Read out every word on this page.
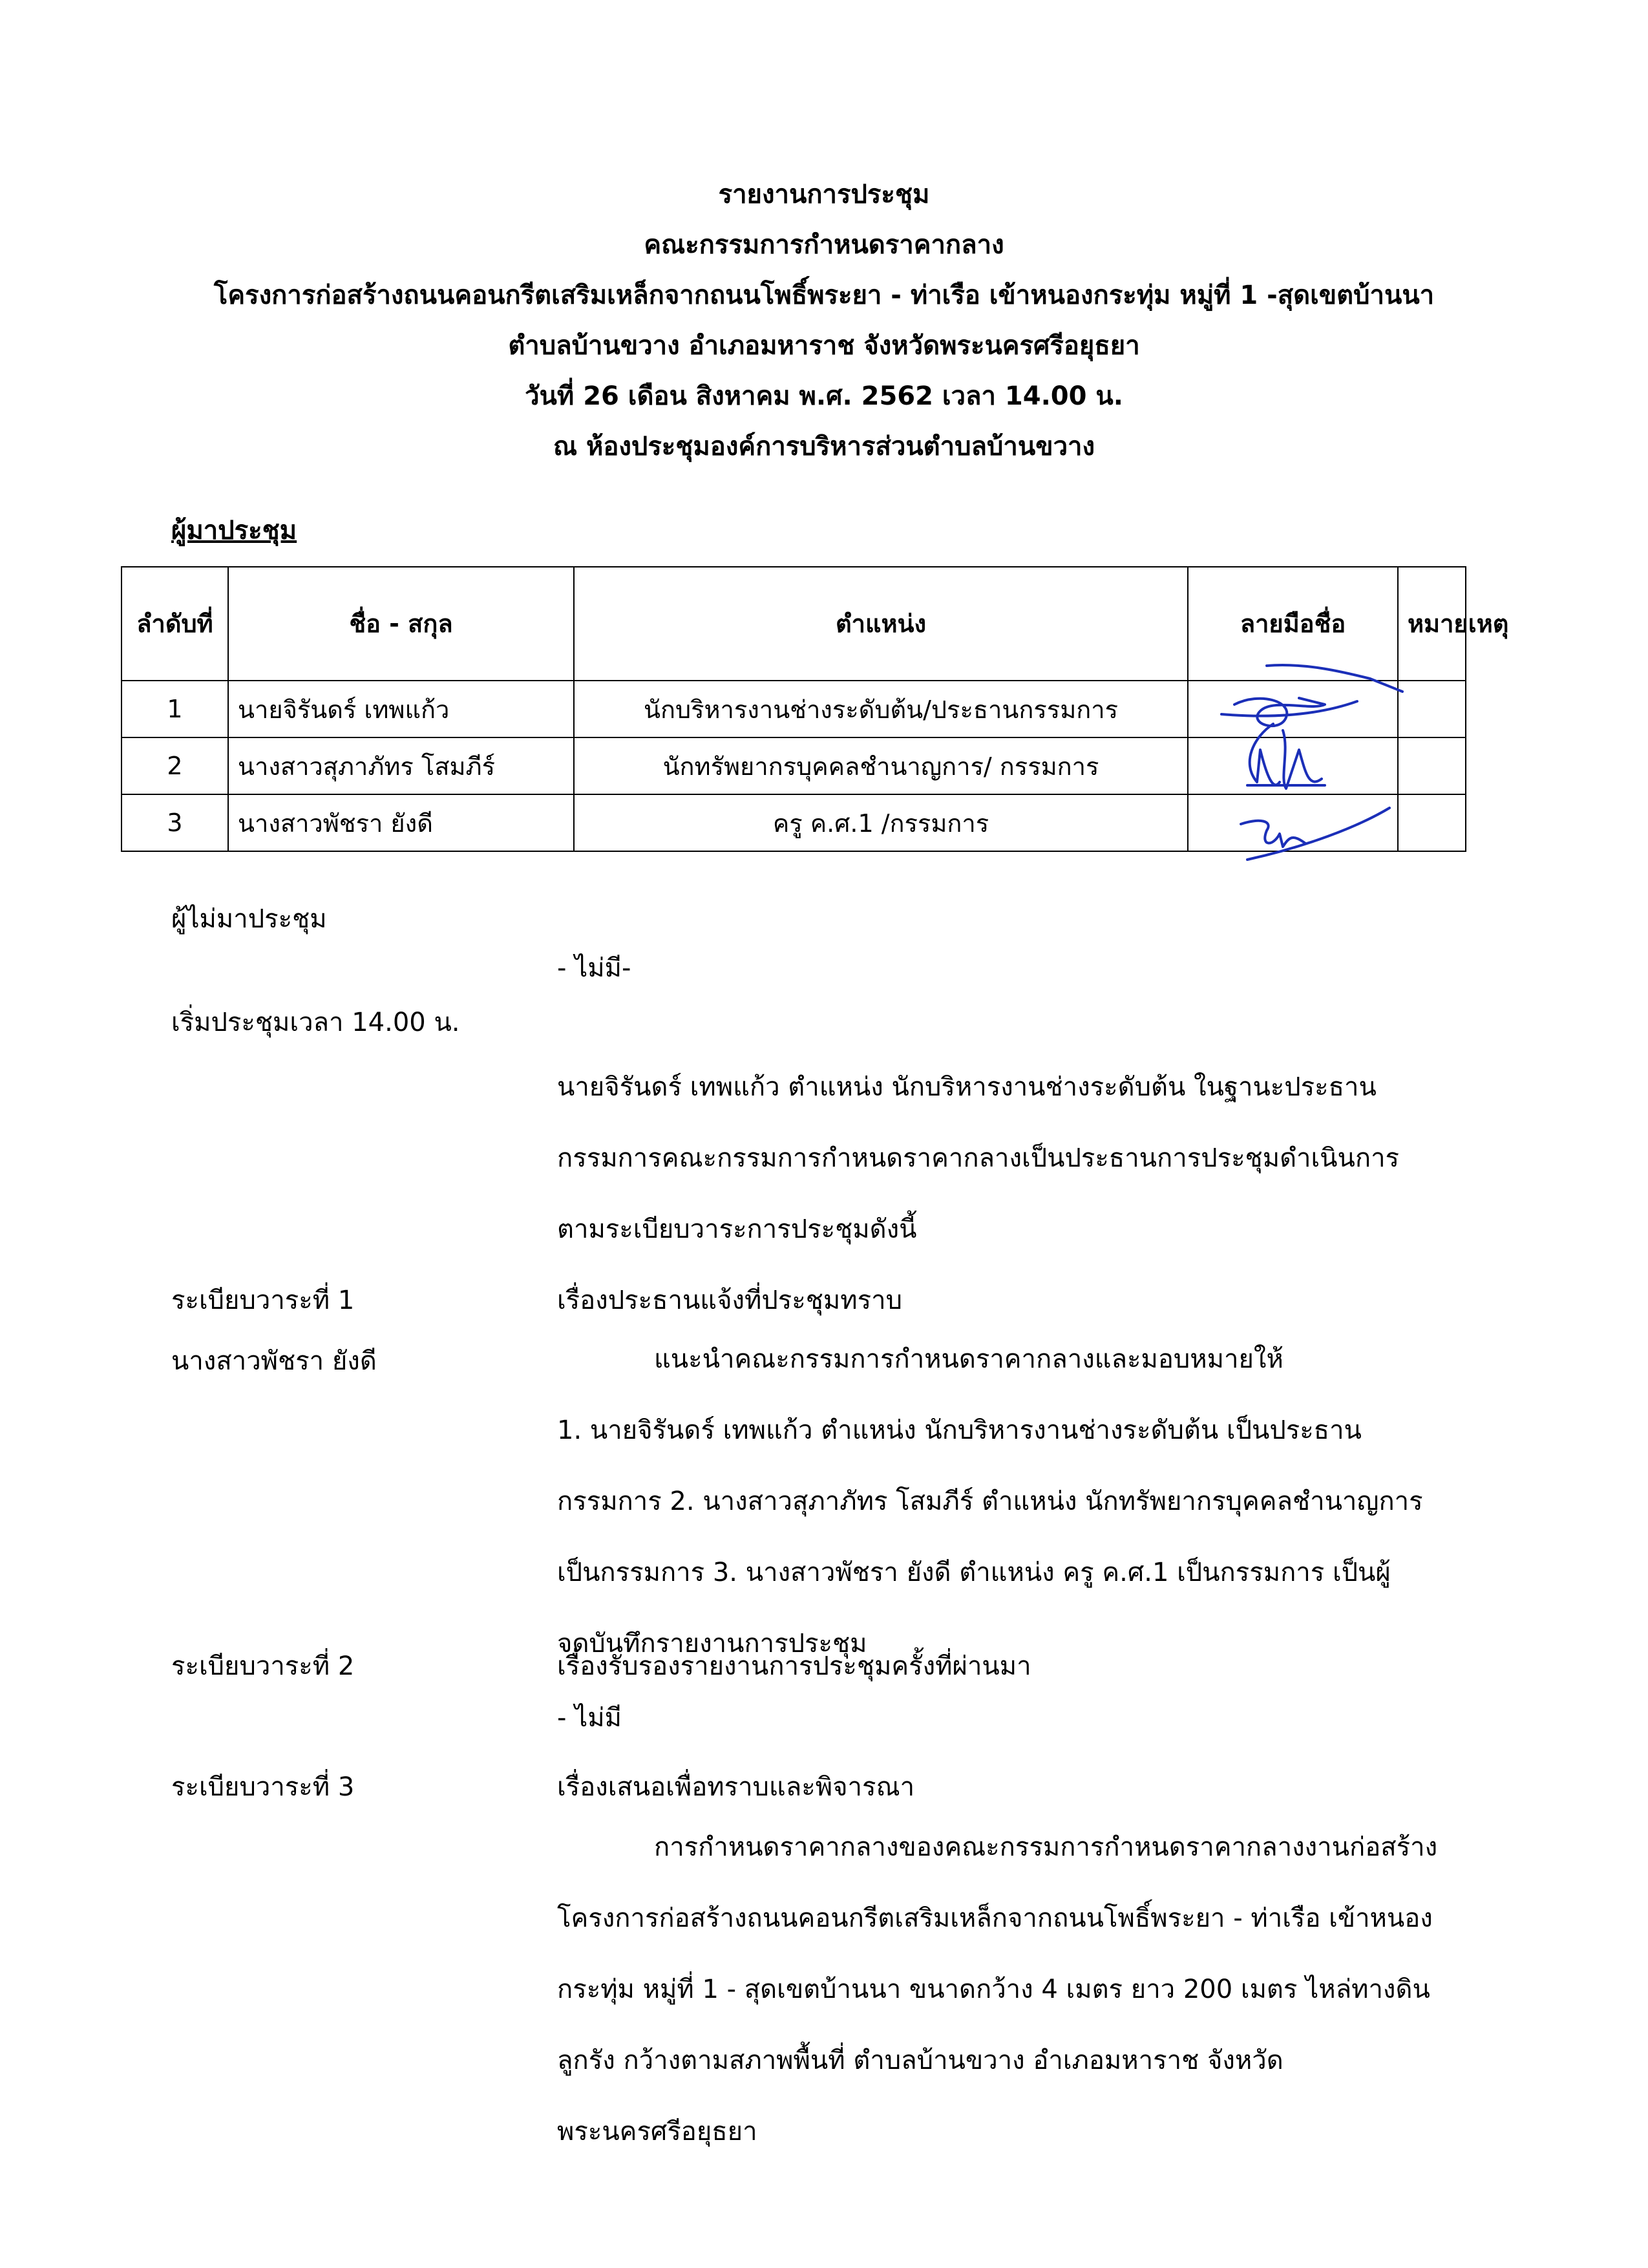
รายงานการประชุม
คณะกรรมการกำหนดราคากลาง
โครงการก่อสร้างถนนคอนกรีตเสริมเหล็กจากถนนโพธิ์พระยา - ท่าเรือ เข้าหนองกระทุ่ม หมู่ที่ 1 -สุดเขตบ้านนา
ตำบลบ้านขวาง อำเภอมหาราช จังหวัดพระนครศรีอยุธยา
วันที่ 26 เดือน สิงหาคม พ.ศ. 2562 เวลา 14.00 น.
ณ ห้องประชุมองค์การบริหารส่วนตำบลบ้านขวาง
ผู้มาประชุม
ลำดับที่	ชื่อ - สกุล	ตำแหน่ง	ลายมือชื่อ	หมายเหตุ
1	นายจิรันดร์ เทพแก้ว	นักบริหารงานช่างระดับต้น/ประธานกรรมการ		
2	นางสาวสุภาภัทร โสมภีร์	นักทรัพยากรบุคคลชำนาญการ/ กรรมการ		
3	นางสาวพัชรา ยังดี	ครู ค.ศ.1 /กรรมการ		
ผู้ไม่มาประชุม
- ไม่มี-
เริ่มประชุมเวลา 14.00 น.
นายจิรันดร์ เทพแก้ว ตำแหน่ง นักบริหารงานช่างระดับต้น ในฐานะประธาน
กรรมการคณะกรรมการกำหนดราคากลางเป็นประธานการประชุมดำเนินการ
ตามระเบียบวาระการประชุมดังนี้
ระเบียบวาระที่ 1
นางสาวพัชรา ยังดี
เรื่องประธานแจ้งที่ประชุมทราบ
แนะนำคณะกรรมการกำหนดราคากลางและมอบหมายให้
1. นายจิรันดร์ เทพแก้ว ตำแหน่ง นักบริหารงานช่างระดับต้น เป็นประธาน
กรรมการ 2. นางสาวสุภาภัทร โสมภีร์ ตำแหน่ง นักทรัพยากรบุคคลชำนาญการ
เป็นกรรมการ 3. นางสาวพัชรา ยังดี ตำแหน่ง ครู ค.ศ.1 เป็นกรรมการ เป็นผู้
จดบันทึกรายงานการประชุม
ระเบียบวาระที่ 2	เรื่องรับรองรายงานการประชุมครั้งที่ผ่านมา
- ไม่มี
ระเบียบวาระที่ 3	เรื่องเสนอเพื่อทราบและพิจารณา
การกำหนดราคากลางของคณะกรรมการกำหนดราคากลางงานก่อสร้าง
โครงการก่อสร้างถนนคอนกรีตเสริมเหล็กจากถนนโพธิ์พระยา - ท่าเรือ เข้าหนอง
กระทุ่ม หมู่ที่ 1 - สุดเขตบ้านนา ขนาดกว้าง 4 เมตร ยาว 200 เมตร ไหล่ทางดิน
ลูกรัง กว้างตามสภาพพื้นที่ ตำบลบ้านขวาง อำเภอมหาราช จังหวัด
พระนครศรีอยุธยา
